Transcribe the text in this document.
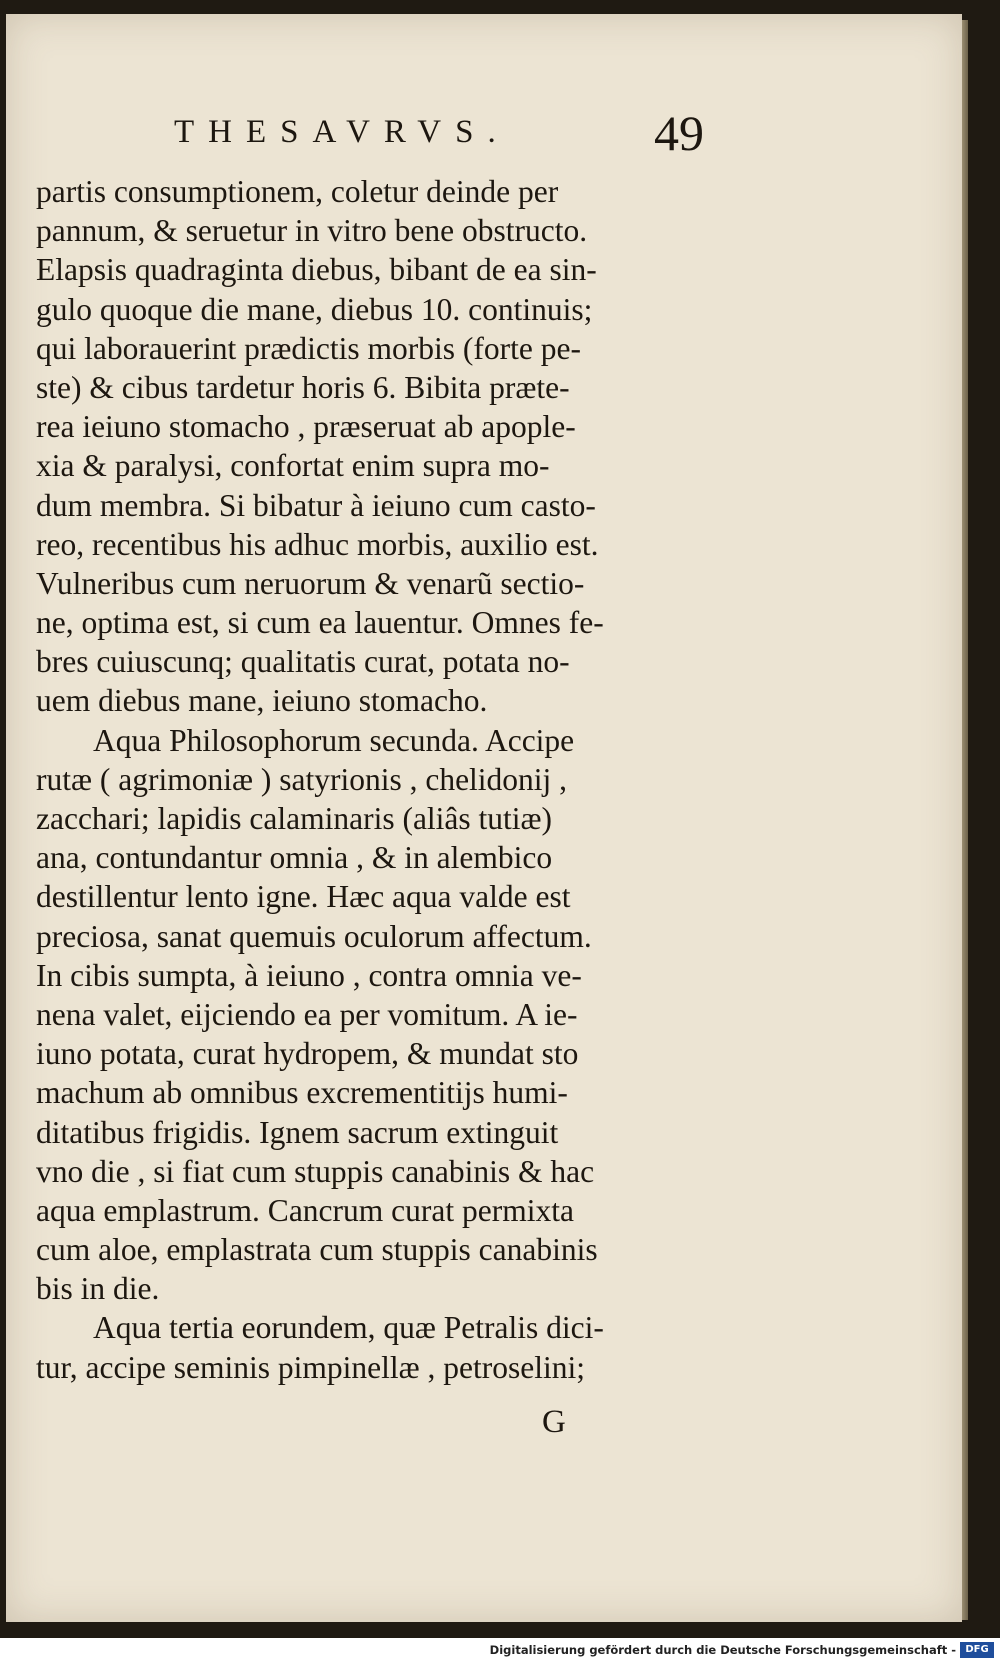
THESAVRVS.	49
partis consumptionem, coletur deinde per
pannum, & seruetur in vitro bene obstructo.
Elapsis quadraginta diebus, bibant de ea sin-
gulo quoque die mane, diebus 10. continuis;
qui laborauerint prædictis morbis (forte pe-
ste) & cibus tardetur horis 6. Bibita præte-
rea ieiuno stomacho , præseruat ab apople-
xia & paralysi, confortat enim supra mo-
dum membra. Si bibatur à ieiuno cum casto-
reo, recentibus his adhuc morbis, auxilio est.
Vulneribus cum neruorum & venarũ sectio-
ne, optima est, si cum ea lauentur. Omnes fe-
bres cuiuscunq; qualitatis curat, potata no-
uem diebus mane, ieiuno stomacho.
Aqua Philosophorum secunda. Accipe
rutæ ( agrimoniæ ) satyrionis , chelidonij ,
zacchari; lapidis calaminaris (aliâs tutiæ)
ana, contundantur omnia , & in alembico
destillentur lento igne. Hæc aqua valde est
preciosa, sanat quemuis oculorum affectum.
In cibis sumpta, à ieiuno , contra omnia ve-
nena valet, eijciendo ea per vomitum. A ie-
iuno potata, curat hydropem, & mundat sto
machum ab omnibus excrementitijs humi-
ditatibus frigidis. Ignem sacrum extinguit
vno die , si fiat cum stuppis canabinis & hac
aqua emplastrum. Cancrum curat permixta
cum aloe, emplastrata cum stuppis canabinis
bis in die.
Aqua tertia eorundem, quæ Petralis dici-
tur, accipe seminis pimpinellæ , petroselini;
G
Digitalisierung gefördert durch die Deutsche Forschungsgemeinschaft - DFG
